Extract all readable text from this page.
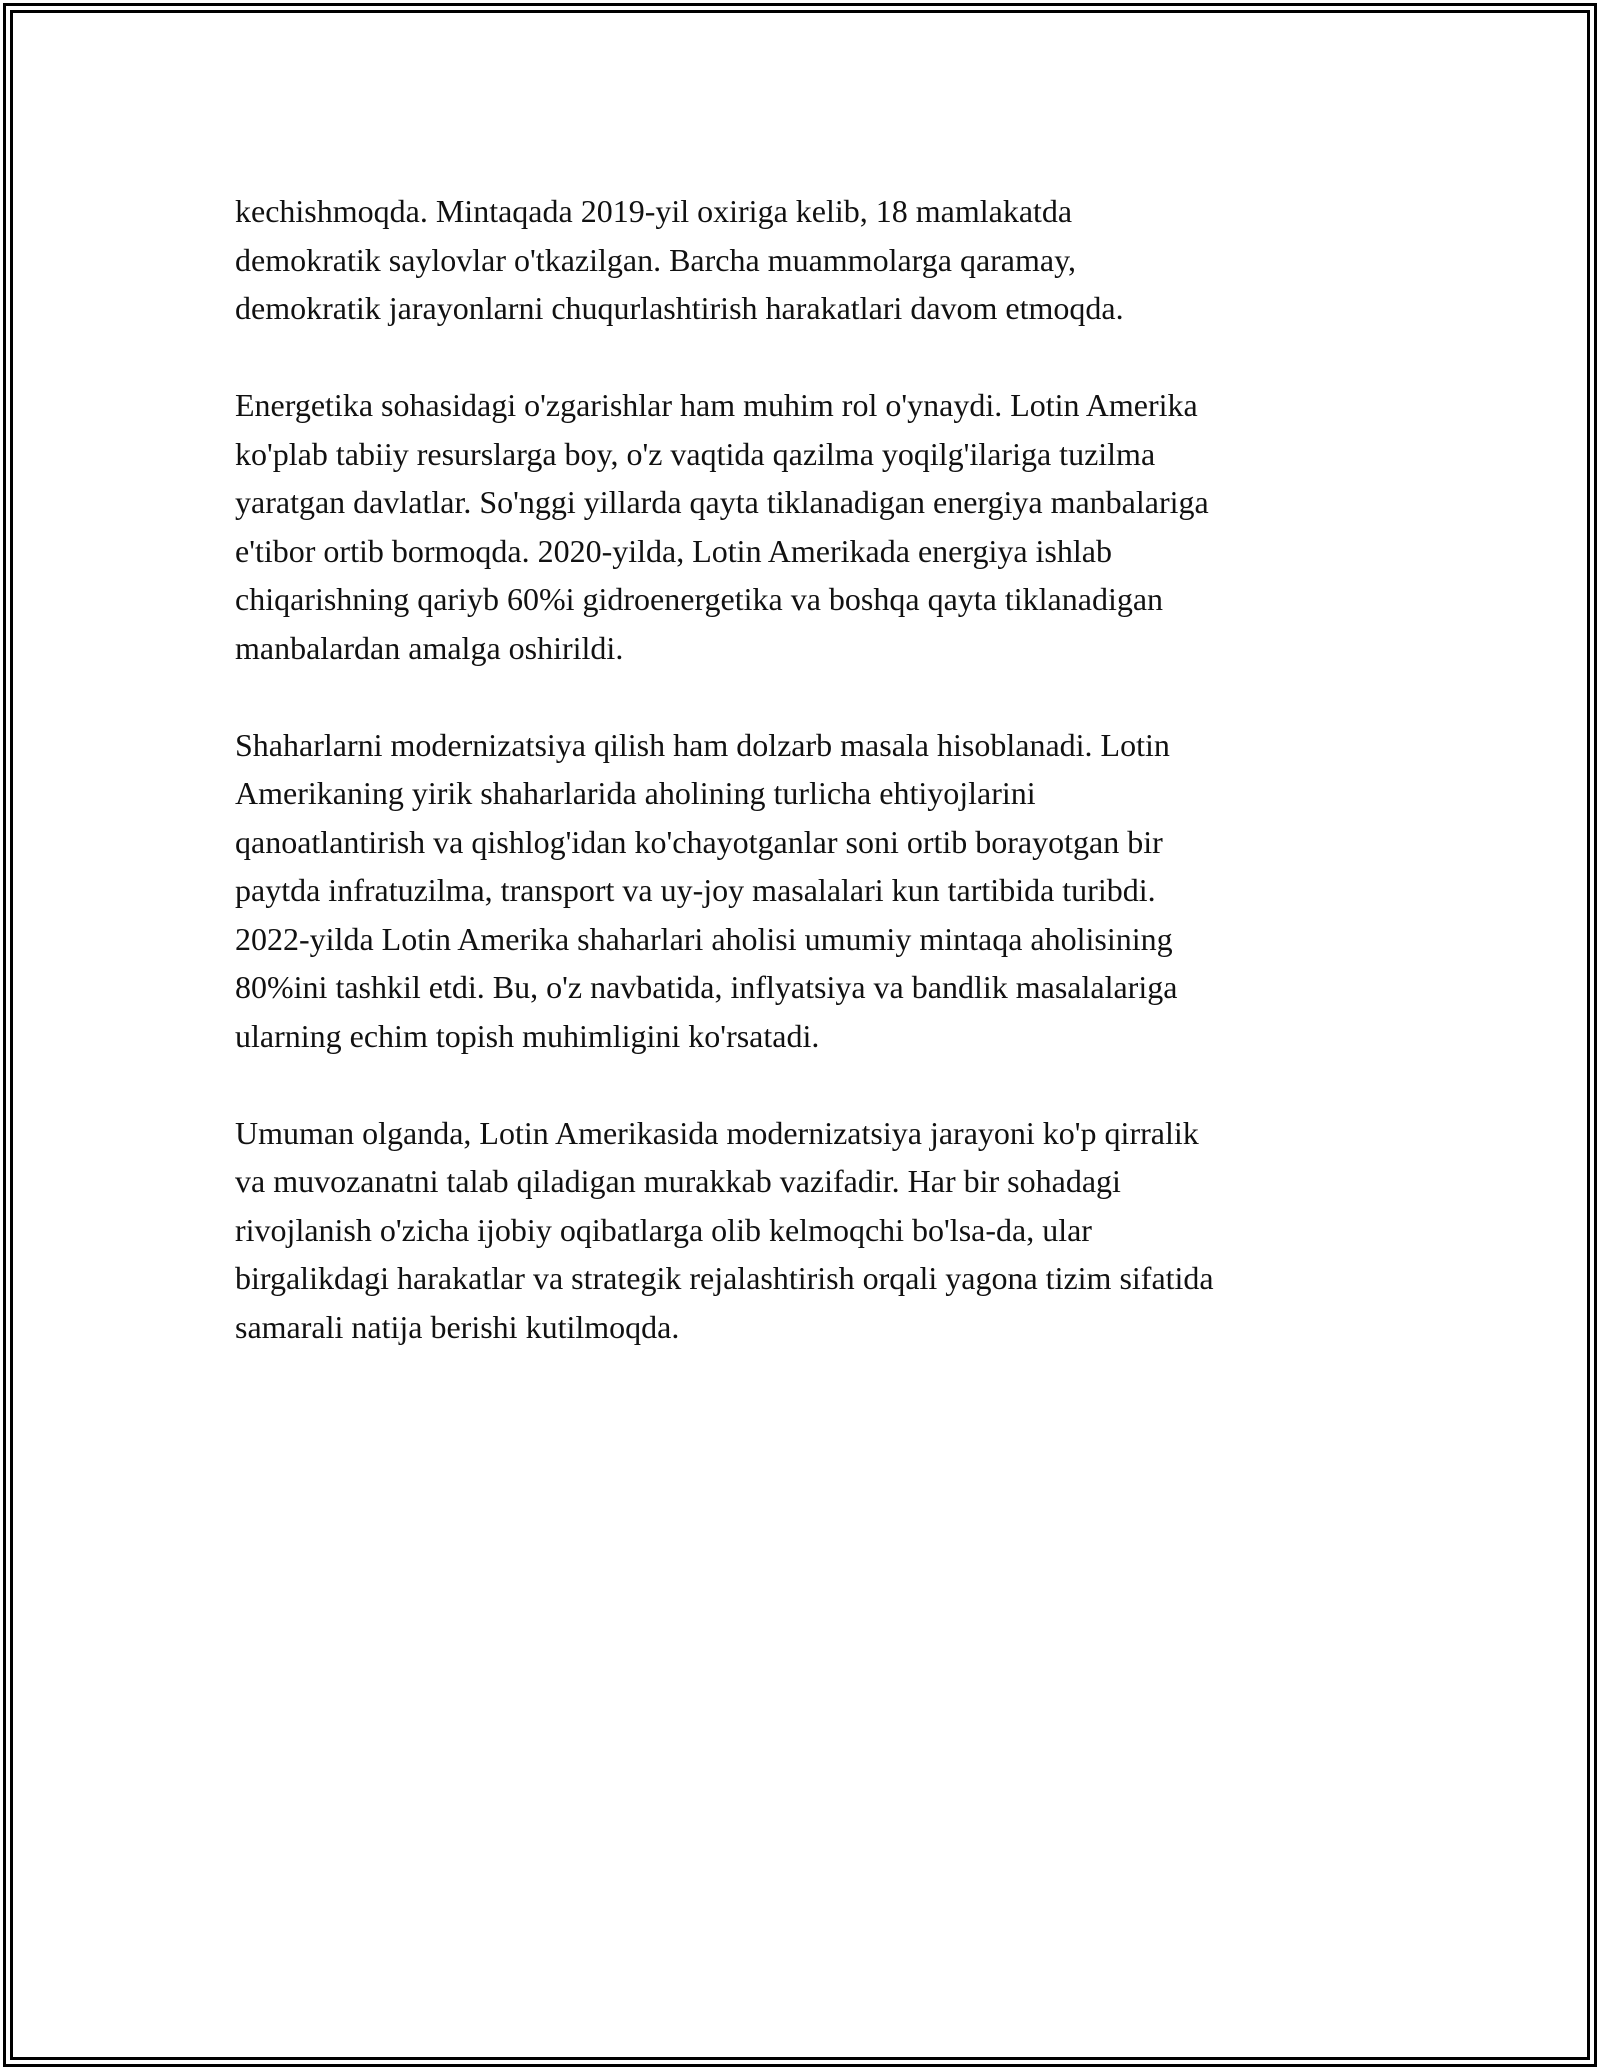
kechishmoqda. Mintaqada 2019-yil oxiriga kelib, 18 mamlakatda
demokratik saylovlar o'tkazilgan. Barcha muammolarga qaramay,
demokratik jarayonlarni chuqurlashtirish harakatlari davom etmoqda.

Energetika sohasidagi o'zgarishlar ham muhim rol o'ynaydi. Lotin Amerika
ko'plab tabiiy resurslarga boy, o'z vaqtida qazilma yoqilg'ilariga tuzilma
yaratgan davlatlar. So'nggi yillarda qayta tiklanadigan energiya manbalariga
e'tibor ortib bormoqda. 2020-yilda, Lotin Amerikada energiya ishlab
chiqarishning qariyb 60%i gidroenergetika va boshqa qayta tiklanadigan
manbalardan amalga oshirildi.

Shaharlarni modernizatsiya qilish ham dolzarb masala hisoblanadi. Lotin
Amerikaning yirik shaharlarida aholining turlicha ehtiyojlarini
qanoatlantirish va qishlog'idan ko'chayotganlar soni ortib borayotgan bir
paytda infratuzilma, transport va uy-joy masalalari kun tartibida turibdi.
2022-yilda Lotin Amerika shaharlari aholisi umumiy mintaqa aholisining
80%ini tashkil etdi. Bu, o'z navbatida, inflyatsiya va bandlik masalalariga
ularning echim topish muhimligini ko'rsatadi.

Umuman olganda, Lotin Amerikasida modernizatsiya jarayoni ko'p qirralik
va muvozanatni talab qiladigan murakkab vazifadir. Har bir sohadagi
rivojlanish o'zicha ijobiy oqibatlarga olib kelmoqchi bo'lsa-da, ular
birgalikdagi harakatlar va strategik rejalashtirish orqali yagona tizim sifatida
samarali natija berishi kutilmoqda.
